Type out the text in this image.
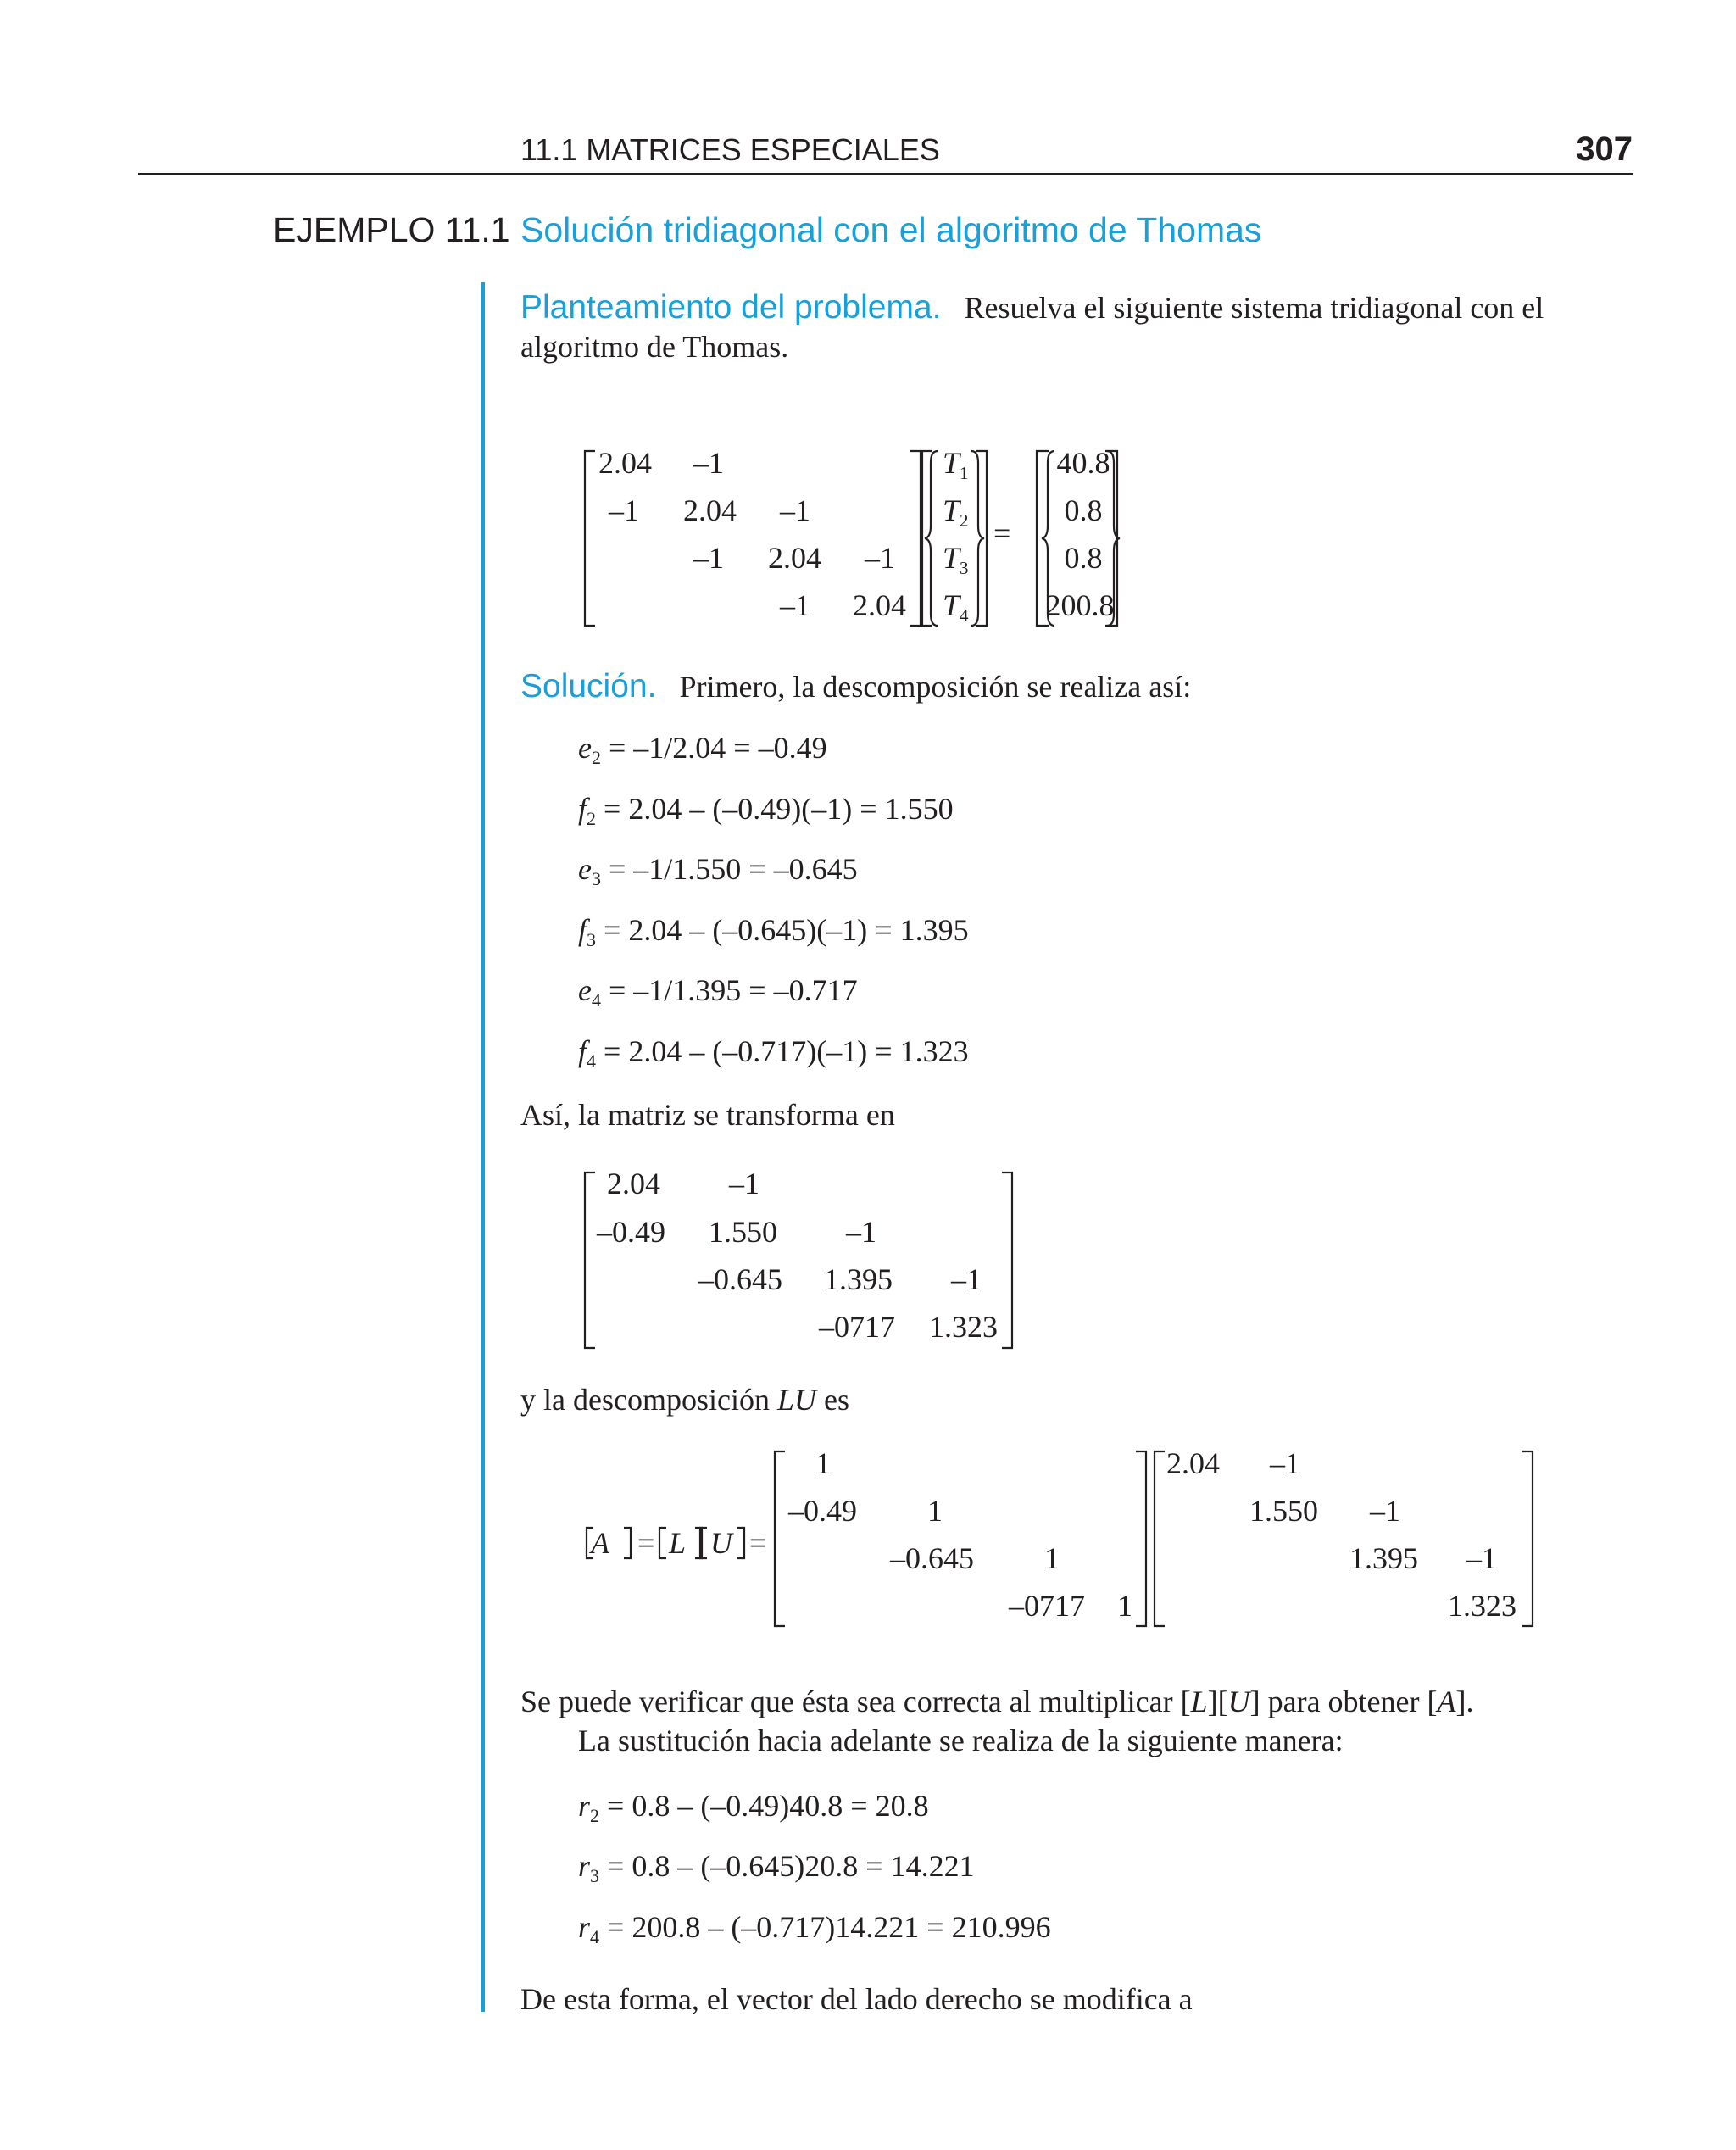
11.1 MATRICES ESPECIALES	307
EJEMPLO 11.1 Solución tridiagonal con el algoritmo de Thomas
Planteamiento del problema. Resuelva el siguiente sistema tridiagonal con el algoritmo de Thomas.
2.04 –1
–1 2.04 –1
–1 2.04 –1
–1 2.04
$T_1$
$T_2$
$T_3$
$T_4$
=
40.8
0.8
0.8
200.8
Solución. Primero, la descomposición se realiza así:
$e_2 = -1/2.04 = -0.49$
$f_2 = 2.04 - (-0.49)(-1) = 1.550$
$e_3 = -1/1.550 = -0.645$
$f_3 = 2.04 - (-0.645)(-1) = 1.395$
$e_4 = -1/1.395 = -0.717$
$f_4 = 2.04 - (-0.717)(-1) = 1.323$
Así, la matriz se transforma en
2.04 –1
–0.49 1.550 –1
–0.645 1.395 –1
–0717 1.323
y la descomposición LU es
A = L U =
1
–0.49 1
–0.645 1
–0717 1
2.04 –1
1.550 –1
1.395 –1
1.323
Se puede verificar que ésta sea correcta al multiplicar [L][U] para obtener [A].
La sustitución hacia adelante se realiza de la siguiente manera:
$r_2 = 0.8 - (-0.49)40.8 = 20.8$
$r_3 = 0.8 - (-0.645)20.8 = 14.221$
$r_4 = 200.8 - (-0.717)14.221 = 210.996$
De esta forma, el vector del lado derecho se modifica a
